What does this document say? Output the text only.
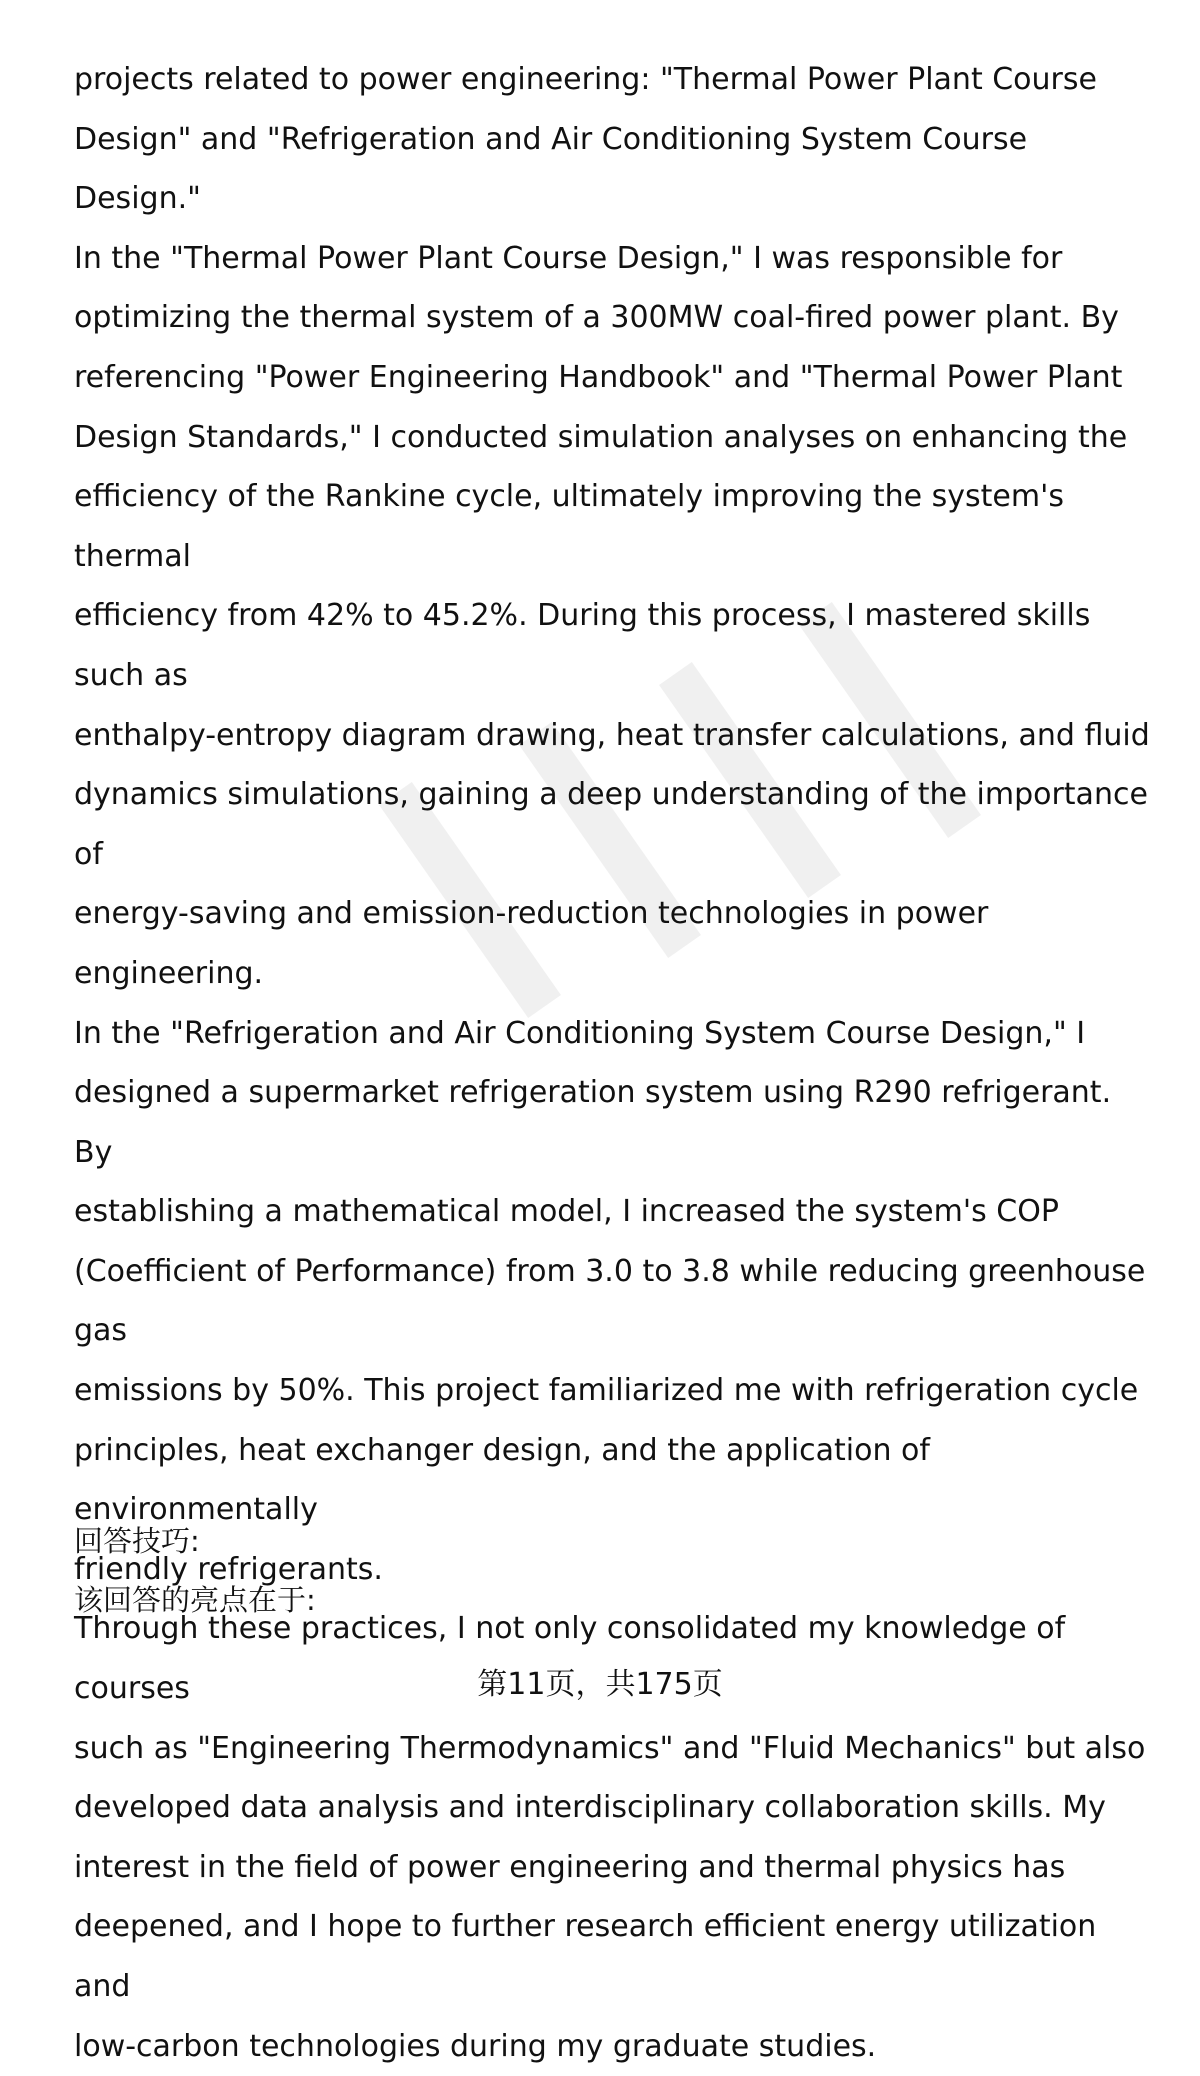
projects related to power engineering: "Thermal Power Plant Course

Design" and "Refrigeration and Air Conditioning System Course Design."

In the "Thermal Power Plant Course Design," I was responsible for

optimizing the thermal system of a 300MW coal-fired power plant. By

referencing "Power Engineering Handbook" and "Thermal Power Plant

Design Standards," I conducted simulation analyses on enhancing the

efficiency of the Rankine cycle, ultimately improving the system's thermal

efficiency from 42% to 45.2%. During this process, I mastered skills such as

enthalpy-entropy diagram drawing, heat transfer calculations, and fluid

dynamics simulations, gaining a deep understanding of the importance of

energy-saving and emission-reduction technologies in power engineering.

In the "Refrigeration and Air Conditioning System Course Design," I

designed a supermarket refrigeration system using R290 refrigerant. By

establishing a mathematical model, I increased the system's COP

(Coefficient of Performance) from 3.0 to 3.8 while reducing greenhouse gas

emissions by 50%. This project familiarized me with refrigeration cycle

principles, heat exchanger design, and the application of environmentally

friendly refrigerants.

Through these practices, I not only consolidated my knowledge of courses

such as "Engineering Thermodynamics" and "Fluid Mechanics" but also

developed data analysis and interdisciplinary collaboration skills. My

interest in the field of power engineering and thermal physics has

deepened, and I hope to further research efficient energy utilization and

low-carbon technologies during my graduate studies.

回答技巧:

该回答的亮点在于:

第11页，共175页
